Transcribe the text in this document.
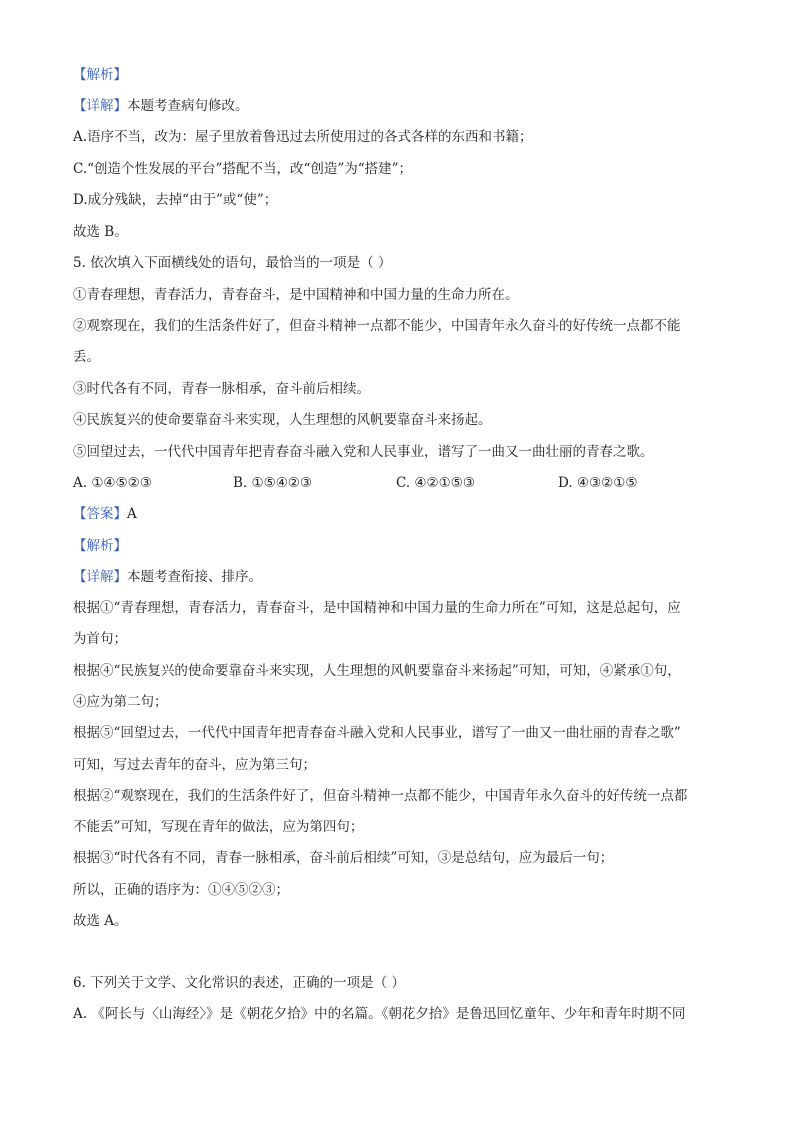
【解析】
【详解】本题考查病句修改。
A.语序不当，改为：屋子里放着鲁迅过去所使用过的各式各样的东西和书籍；
C.“创造个性发展的平台”搭配不当，改“创造”为“搭建”；
D.成分残缺，去掉“由于”或“使”；
故选 B。
5. 依次填入下面横线处的语句，最恰当的一项是（ ）
①青春理想，青春活力，青春奋斗，是中国精神和中国力量的生命力所在。
②观察现在，我们的生活条件好了，但奋斗精神一点都不能少，中国青年永久奋斗的好传统一点都不能
丢。
③时代各有不同，青春一脉相承，奋斗前后相续。
④民族复兴的使命要靠奋斗来实现，人生理想的风帆要靠奋斗来扬起。
⑤回望过去，一代代中国青年把青春奋斗融入党和人民事业，谱写了一曲又一曲壮丽的青春之歌。
A. ①④⑤②③	B. ①⑤④②③	C. ④②①⑤③	D. ④③②①⑤
【答案】A
【解析】
【详解】本题考查衔接、排序。
根据①“青春理想，青春活力，青春奋斗，是中国精神和中国力量的生命力所在”可知，这是总起句，应
为首句；
根据④“民族复兴的使命要靠奋斗来实现，人生理想的风帆要靠奋斗来扬起”可知，可知，④紧承①句，
④应为第二句；
根据⑤“回望过去，一代代中国青年把青春奋斗融入党和人民事业，谱写了一曲又一曲壮丽的青春之歌”
可知，写过去青年的奋斗，应为第三句；
根据②“观察现在，我们的生活条件好了，但奋斗精神一点都不能少，中国青年永久奋斗的好传统一点都
不能丢”可知，写现在青年的做法，应为第四句；
根据③“时代各有不同，青春一脉相承，奋斗前后相续”可知，③是总结句，应为最后一句；
所以，正确的语序为：①④⑤②③；
故选 A。
6. 下列关于文学、文化常识的表述，正确的一项是（ ）
A. 《阿长与〈山海经〉》是《朝花夕拾》中的名篇。《朝花夕拾》是鲁迅回忆童年、少年和青年时期不同
